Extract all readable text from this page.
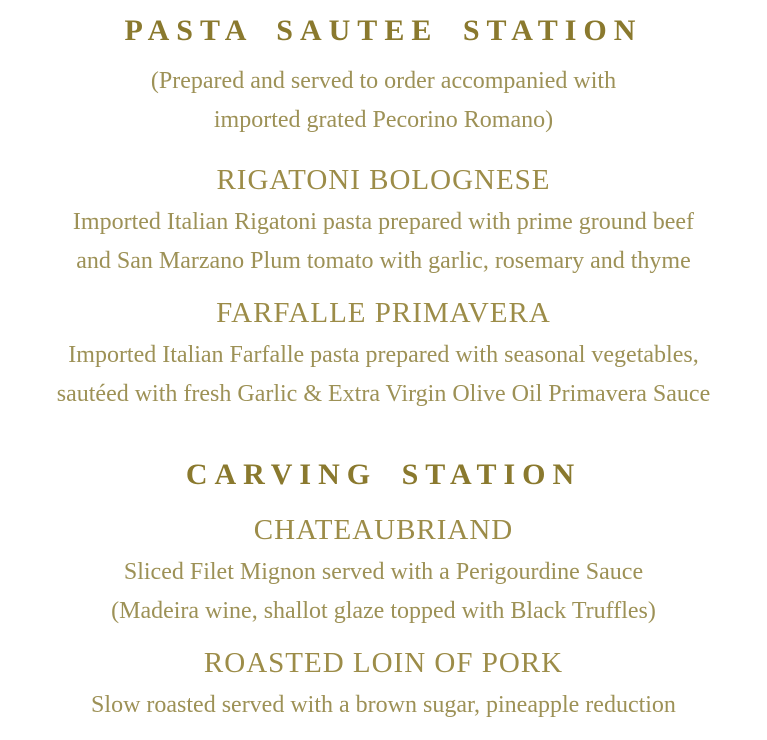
PASTA SAUTEE STATION
(Prepared and served to order accompanied with
imported grated Pecorino Romano)
RIGATONI BOLOGNESE
Imported Italian Rigatoni pasta prepared with prime ground beef
and San Marzano Plum tomato with garlic, rosemary and thyme
FARFALLE PRIMAVERA
Imported Italian Farfalle pasta prepared with seasonal vegetables,
sautéed with fresh Garlic & Extra Virgin Olive Oil Primavera Sauce
CARVING STATION
CHATEAUBRIAND
Sliced Filet Mignon served with a Perigourdine Sauce
(Madeira wine, shallot glaze topped with Black Truffles)
ROASTED LOIN OF PORK
Slow roasted served with a brown sugar, pineapple reduction
